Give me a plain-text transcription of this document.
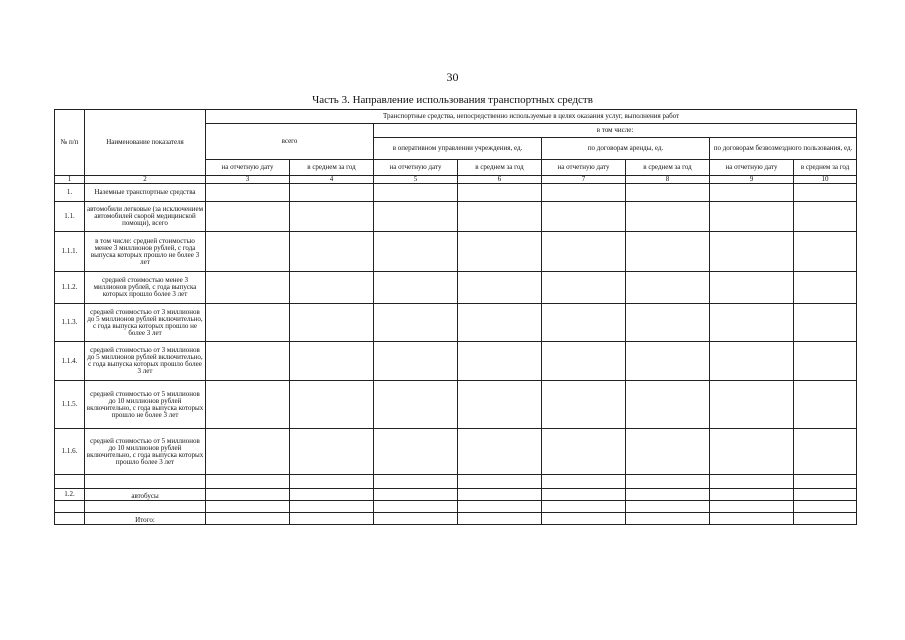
30
Часть 3. Направление использования транспортных средств
№ п/п	Наименование показателя	Транспортные средства, непосредственно используемые в целях оказания услуг, выполнения работ							
		всего		в том числе:					
				в оперативном управлении учреждения, ед.		по договорам аренды, ед.		по договорам безвозмездного пользования, ед.	
		на отчетную дату	в среднем за год	на отчетную дату	в среднем за год	на отчетную дату	в среднем за год	на отчетную дату	в среднем за год
1	2	3	4	5	6	7	8	9	10
1.	Наземные транспортные средства								
1.1.	автомобили легковые (за исключением автомобилей скорой медицинской помощи), всего								
1.1.1.	в том числе: средней стоимостью менее 3 миллионов рублей, с года выпуска которых прошло не более 3 лет								
1.1.2.	средней стоимостью менее 3 миллионов рублей, с года выпуска которых прошло более 3 лет								
1.1.3.	средней стоимостью от 3 миллионов до 5 миллионов рублей включительно, с года выпуска которых прошло не более 3 лет								
1.1.4.	средней стоимостью от 3 миллионов до 5 миллионов рублей включительно, с года выпуска которых прошло более 3 лет								
1.1.5.	средней стоимостью от 5 миллионов до 10 миллионов рублей включительно, с года выпуска которых прошло не более 3 лет								
1.1.6.	средней стоимостью от 5 миллионов до 10 миллионов рублей включительно, с года выпуска которых прошло более 3 лет								

1.2.	автобусы								

	Итого:								
